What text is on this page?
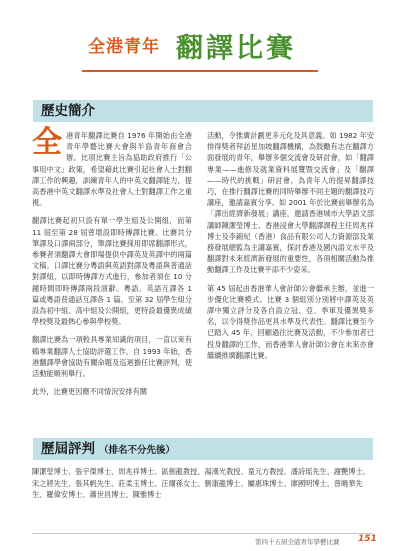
全港青年 翻譯比賽
歷史簡介

全 港青年翻譯比賽自 1976 年開始由全港青年學藝比賽大會與半島青年商會合辦。比項比賽主旨為協助政府推行「公事用中文」政策，希望藉此比賽引起社會人士對翻譯工作的興趣，訓練青年人的中英文翻譯能力，提高香港中英文翻譯水準及社會人士對翻譯工作之重視。

翻譯比賽起初只設有單一學生組及公開組，而第 11 屆至第 28 屆曾增設即時傳譯比賽。比賽共分筆譯及口譯兩部分，筆譯比賽採用即席翻譯形式，參賽者須翻譯大會即場提供中譯英及英譯中的兩篇文稿。口譯比賽分粵語與英語對譯及粵語與普通話對譯組，以即時傳譯方式進行，參加者須在 10 分鐘時間即時傳譯兩段演辭。粵語、英語互譯各 1 篇或粵語普通話互譯各 1 篇。至第 32 屆學生組分設為初中組、高中組及公開組，更特設最優異成績學校獎及最熱心參與學校獎。

翻譯比賽為一項較具專業知識的項目，一直以來有賴專業翻譯人士協助評選工作。自 1993 年始，香港翻譯學會協助有關命題及巡迴擔任比賽評判，使活動能順利舉行。

此外，比賽更因應不同情況安排有關

活動，令推廣計劃更多元化及具意義。如 1982 年安排得獎者拜訪星加坡翻譯機構，為鼓勵有志在翻譯方面發展的青年，舉辦多個交流會及研討會，如「翻譯專業——進修及就業資料展覽暨交流會」及「翻譯——時代的挑戰」研討會。為青年人的提昇翻譯技巧，在推行翻譯比賽的同時舉辦不同主題的翻譯技巧講座，邀請嘉賓分享。如 2001 年於比賽前舉辦名為「譯出經濟新發展」講座，邀請香港城市大學語文部講師陳潔瑩博士、香港浸會大學翻譯課程主任周兆祥博士及李錦紀（香港）食品有限公司人力資源部及業務發展總監為主講嘉賓，探討香港及國內語文水平及翻譯對未來經濟新發展的重要性，各項相關活動為推動翻譯工作及比賽平添不少姿采。

第 45 屆起由香港華人會計師公會繼承主辦，並進一步優化比賽模式。比賽 3 個組別分別將中譯英及英譯中獨立評分及各自設立冠、亞、季軍及優異獎多名，以令得獎作品更具水準及代表性。翻譯比賽至今已踏入 45 年，回顧過往比賽及活動，不少參加者已投身翻譯的工作，而香港華人會計師公會在未來亦會繼續推廣翻譯比賽。

歷屆評判 （排名不分先後）
陳潔瑩博士、張宇傑博士、周兆祥博士、區劍龍教授、湯漢光教授、童元方教授、潘詩瑶先生、謝艷博士、宋之將先生、張其帆先生、莊柔玉博士、汪爾孫女士、劉康龍博士、屬惠珠博士、廖國明博士、曾曉華先生、羅偉安博士、蕭世昌博士、陳雅博士
第四十五屆全港青年學藝比賽 151
